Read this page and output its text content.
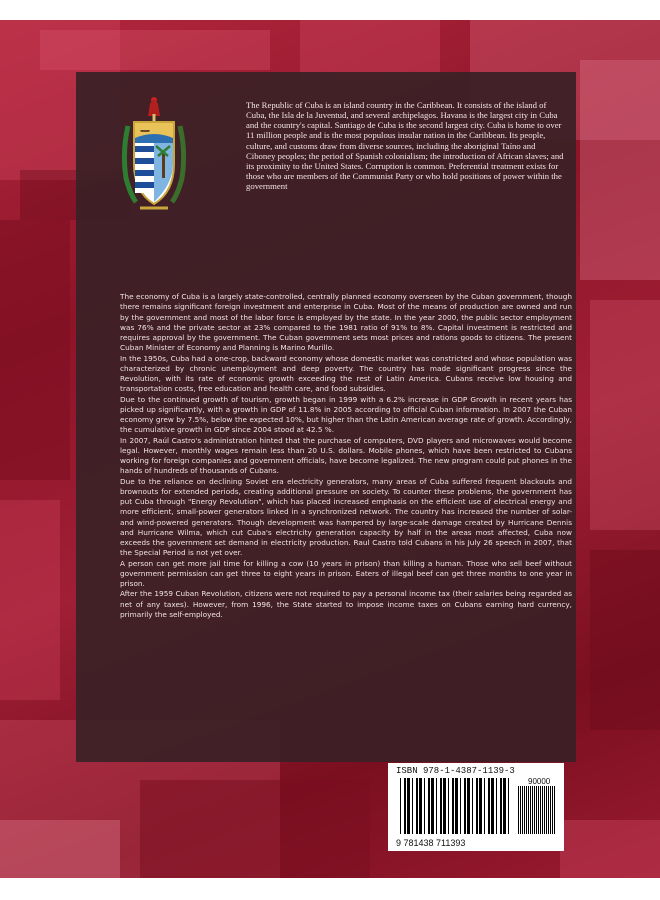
The Republic of Cuba is an island country in the Caribbean. It consists of the island of Cuba, the Isla de la Juventud, and several archipelagos. Havana is the largest city in Cuba and the country's capital. Santiago de Cuba is the second largest city. Cuba is home to over 11 million people and is the most populous insular nation in the Caribbean. Its people, culture, and customs draw from diverse sources, including the aboriginal Taíno and Ciboney peoples; the period of Spanish colonialism; the introduction of African slaves; and its proximity to the United States. Corruption is common. Preferential treatment exists for those who are members of the Communist Party or who hold positions of power within the government

The economy of Cuba is a largely state-controlled, centrally planned economy overseen by the Cuban government, though there remains significant foreign investment and enterprise in Cuba. Most of the means of production are owned and run by the government and most of the labor force is employed by the state. In the year 2000, the public sector employment was 76% and the private sector at 23% compared to the 1981 ratio of 91% to 8%. Capital investment is restricted and requires approval by the government. The Cuban government sets most prices and rations goods to citizens. The present Cuban Minister of Economy and Planning is Marino Murillo.

In the 1950s, Cuba had a one-crop, backward economy whose domestic market was constricted and whose population was characterized by chronic unemployment and deep poverty. The country has made significant progress since the Revolution, with its rate of economic growth exceeding the rest of Latin America. Cubans receive low housing and transportation costs, free education and health care, and food subsidies.

Due to the continued growth of tourism, growth began in 1999 with a 6.2% increase in GDP Growth in recent years has picked up significantly, with a growth in GDP of 11.8% in 2005 according to official Cuban information. In 2007 the Cuban economy grew by 7.5%, below the expected 10%, but higher than the Latin American average rate of growth. Accordingly, the cumulative growth in GDP since 2004 stood at 42.5 %.

In 2007, Raúl Castro's administration hinted that the purchase of computers, DVD players and microwaves would become legal. However, monthly wages remain less than 20 U.S. dollars. Mobile phones, which have been restricted to Cubans working for foreign companies and government officials, have become legalized. The new program could put phones in the hands of hundreds of thousands of Cubans.

Due to the reliance on declining Soviet era electricity generators, many areas of Cuba suffered frequent blackouts and brownouts for extended periods, creating additional pressure on society. To counter these problems, the government has put Cuba through "Energy Revolution", which has placed increased emphasis on the efficient use of electrical energy and more efficient, small-power generators linked in a synchronized network. The country has increased the number of solar- and wind-powered generators. Though development was hampered by large-scale damage created by Hurricane Dennis and Hurricane Wilma, which cut Cuba's electricity generation capacity by half in the areas most affected, Cuba now exceeds the government set demand in electricity production. Raul Castro told Cubans in his July 26 speech in 2007, that the Special Period is not yet over.

A person can get more jail time for killing a cow (10 years in prison) than killing a human. Those who sell beef without government permission can get three to eight years in prison. Eaters of illegal beef can get three months to one year in prison.

After the 1959 Cuban Revolution, citizens were not required to pay a personal income tax (their salaries being regarded as net of any taxes). However, from 1996, the State started to impose income taxes on Cubans earning hard currency, primarily the self-employed.

ISBN 978-1-4387-1139-3

90000
9 781438 711393
